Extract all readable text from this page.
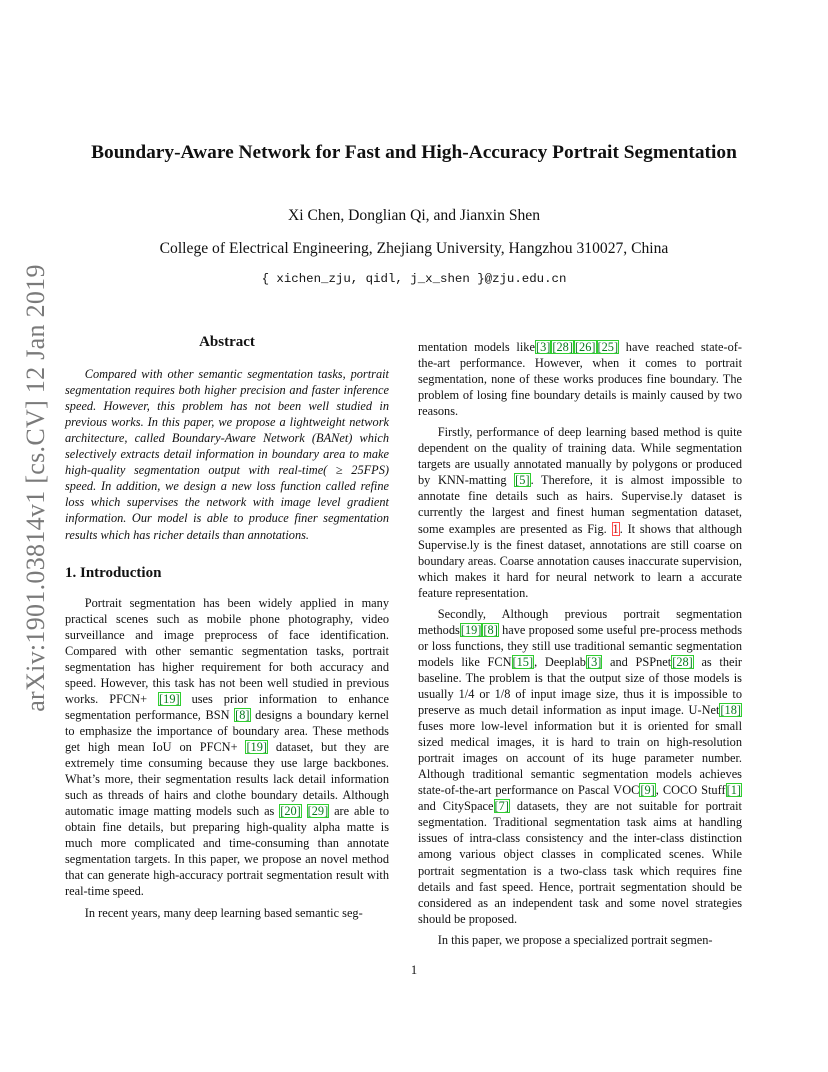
arXiv:1901.03814v1 [cs.CV] 12 Jan 2019
Boundary-Aware Network for Fast and High-Accuracy Portrait Segmentation
Xi Chen, Donglian Qi, and Jianxin Shen
College of Electrical Engineering, Zhejiang University, Hangzhou 310027, China
{ xichen_zju, qidl, j_x_shen }@zju.edu.cn
Abstract

Compared with other semantic segmentation tasks, portrait segmentation requires both higher precision and faster inference speed. However, this problem has not been well studied in previous works. In this paper, we propose a lightweight network architecture, called Boundary-Aware Network (BANet) which selectively extracts detail information in boundary area to make high-quality segmentation output with real-time( ≥ 25FPS) speed. In addition, we design a new loss function called refine loss which supervises the network with image level gradient information. Our model is able to produce finer segmentation results which has richer details than annotations.

1. Introduction

Portrait segmentation has been widely applied in many practical scenes such as mobile phone photography, video surveillance and image preprocess of face identification. Compared with other semantic segmentation tasks, portrait segmentation has higher requirement for both accuracy and speed. However, this task has not been well studied in previous works. PFCN+ [19] uses prior information to enhance segmentation performance, BSN [8] designs a boundary kernel to emphasize the importance of boundary area. These methods get high mean IoU on PFCN+ [19] dataset, but they are extremely time consuming because they use large backbones. What’s more, their segmentation results lack detail information such as threads of hairs and clothe boundary details. Although automatic image matting models such as [20] [29] are able to obtain fine details, but preparing high-quality alpha matte is much more complicated and time-consuming than annotate segmentation targets. In this paper, we propose an novel method that can generate high-accuracy portrait segmentation result with real-time speed.

In recent years, many deep learning based semantic seg-

mentation models like[3] [28] [26] [25] have reached state-of-the-art performance. However, when it comes to portrait segmentation, none of these works produces fine boundary. The problem of losing fine boundary details is mainly caused by two reasons.

Firstly, performance of deep learning based method is quite dependent on the quality of training data. While segmentation targets are usually annotated manually by polygons or produced by KNN-matting [5]. Therefore, it is almost impossible to annotate fine details such as hairs. Supervise.ly dataset is currently the largest and finest human segmentation dataset, some examples are presented as Fig. 1. It shows that although Supervise.ly is the finest dataset, annotations are still coarse on boundary areas. Coarse annotation causes inaccurate supervision, which makes it hard for neural network to learn a accurate feature representation.

Secondly, Although previous portrait segmentation methods[19] [8] have proposed some useful pre-process methods or loss functions, they still use traditional semantic segmentation models like FCN[15], Deeplab[3] and PSPnet[28] as their baseline. The problem is that the output size of those models is usually 1/4 or 1/8 of input image size, thus it is impossible to preserve as much detail information as input image. U-Net[18] fuses more low-level information but it is oriented for small sized medical images, it is hard to train on high-resolution portrait images on account of its huge parameter number. Although traditional semantic segmentation models achieves state-of-the-art performance on Pascal VOC[9], COCO Stuff[1] and CitySpace[7] datasets, they are not suitable for portrait segmentation. Traditional segmentation task aims at handling issues of intra-class consistency and the inter-class distinction among various object classes in complicated scenes. While portrait segmentation is a two-class task which requires fine details and fast speed. Hence, portrait segmentation should be considered as an independent task and some novel strategies should be proposed.

In this paper, we propose a specialized portrait segmen-

1
